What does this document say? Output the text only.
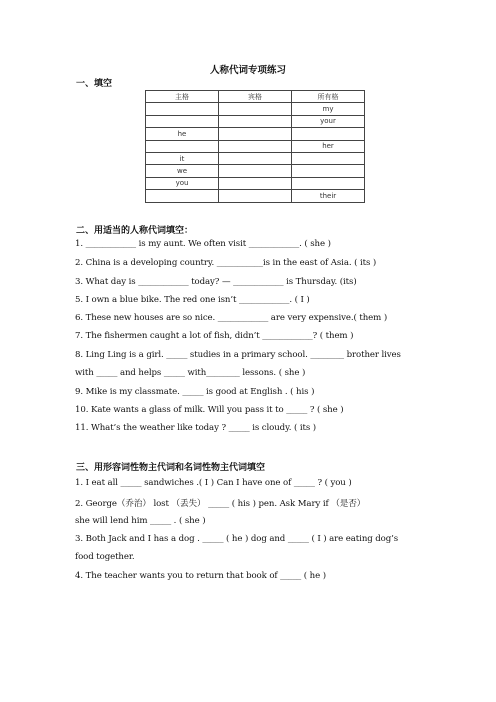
人称代词专项练习
一、填空
主格	宾格	所有格
		my
		your
he		
		her
it		
we		
you		
		their
二、用适当的人称代词填空：
1. ____________ is my aunt. We often visit ____________. ( she )
2. China is a developing country. ___________is in the east of Asia. ( its )
3. What day is ____________ today? — ____________ is Thursday. (its)
5. I own a blue bike. The red one isn’t ____________. ( I )
6. These new houses are so nice. ____________ are very expensive.( them )
7. The fishermen caught a lot of fish, didn’t ____________? ( them )
8. Ling Ling is a girl. _____ studies in a primary school. ________ brother lives
with _____ and helps _____ with________ lessons. ( she )
9. Mike is my classmate. _____ is good at English . ( his )
10. Kate wants a glass of milk. Will you pass it to _____ ? ( she )
11. What’s the weather like today ? _____ is cloudy. ( its )
三、用形容词性物主代词和名词性物主代词填空
1. I eat all _____ sandwiches .( I ) Can I have one of _____ ? ( you )
2. George（乔治） lost （丢失） _____ ( his ) pen. Ask Mary if （是否）
she will lend him _____ . ( she )
3. Both Jack and I has a dog . _____ ( he ) dog and _____ ( I ) are eating dog’s
food together.
4. The teacher wants you to return that book of _____ ( he )
